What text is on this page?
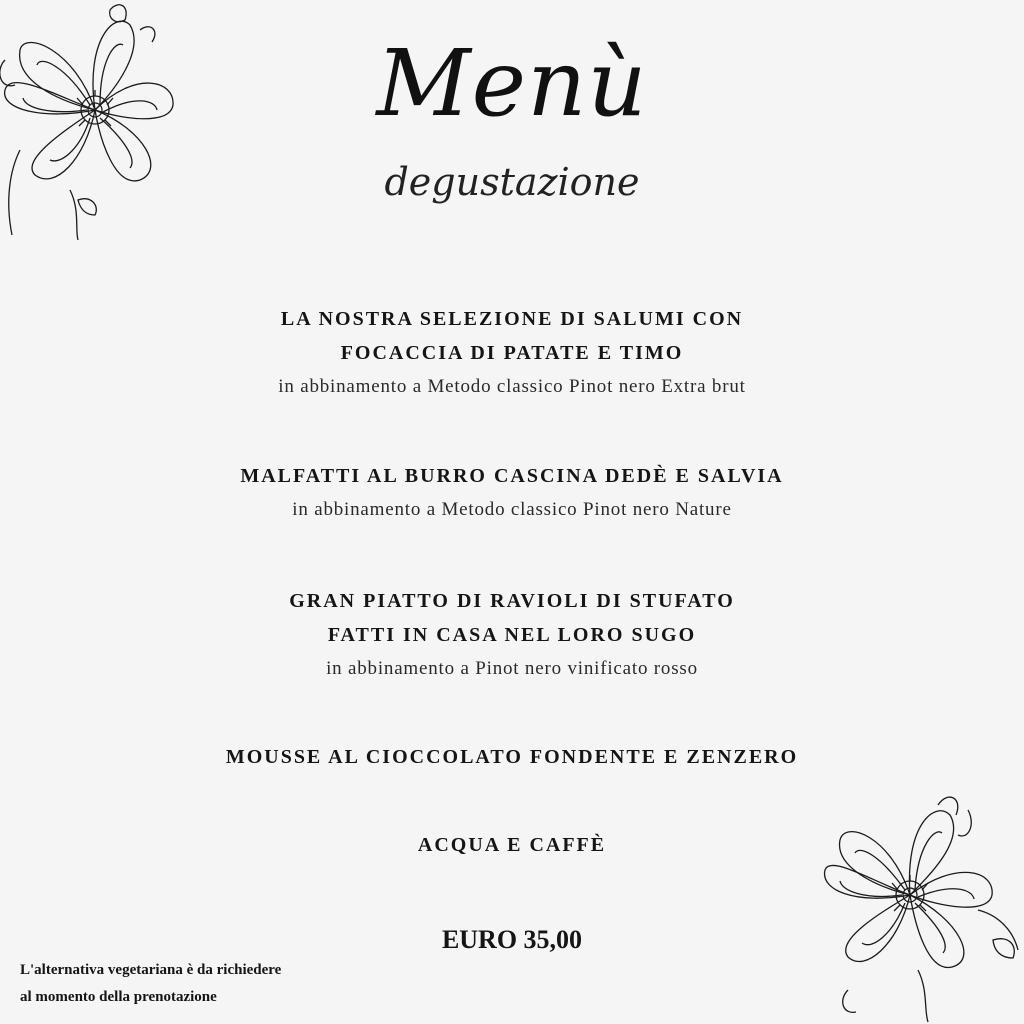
Menù
degustazione
LA NOSTRA SELEZIONE DI SALUMI CON
FOCACCIA DI PATATE E TIMO
in abbinamento a Metodo classico Pinot nero Extra brut
MALFATTI AL BURRO CASCINA DEDÈ E SALVIA
in abbinamento a Metodo classico Pinot nero Nature
GRAN PIATTO DI RAVIOLI DI STUFATO
FATTI IN CASA NEL LORO SUGO
in abbinamento a Pinot nero vinificato rosso
MOUSSE AL CIOCCOLATO FONDENTE E ZENZERO
ACQUA E CAFFÈ
EURO 35,00
L'alternativa vegetariana è da richiedere
al momento della prenotazione
